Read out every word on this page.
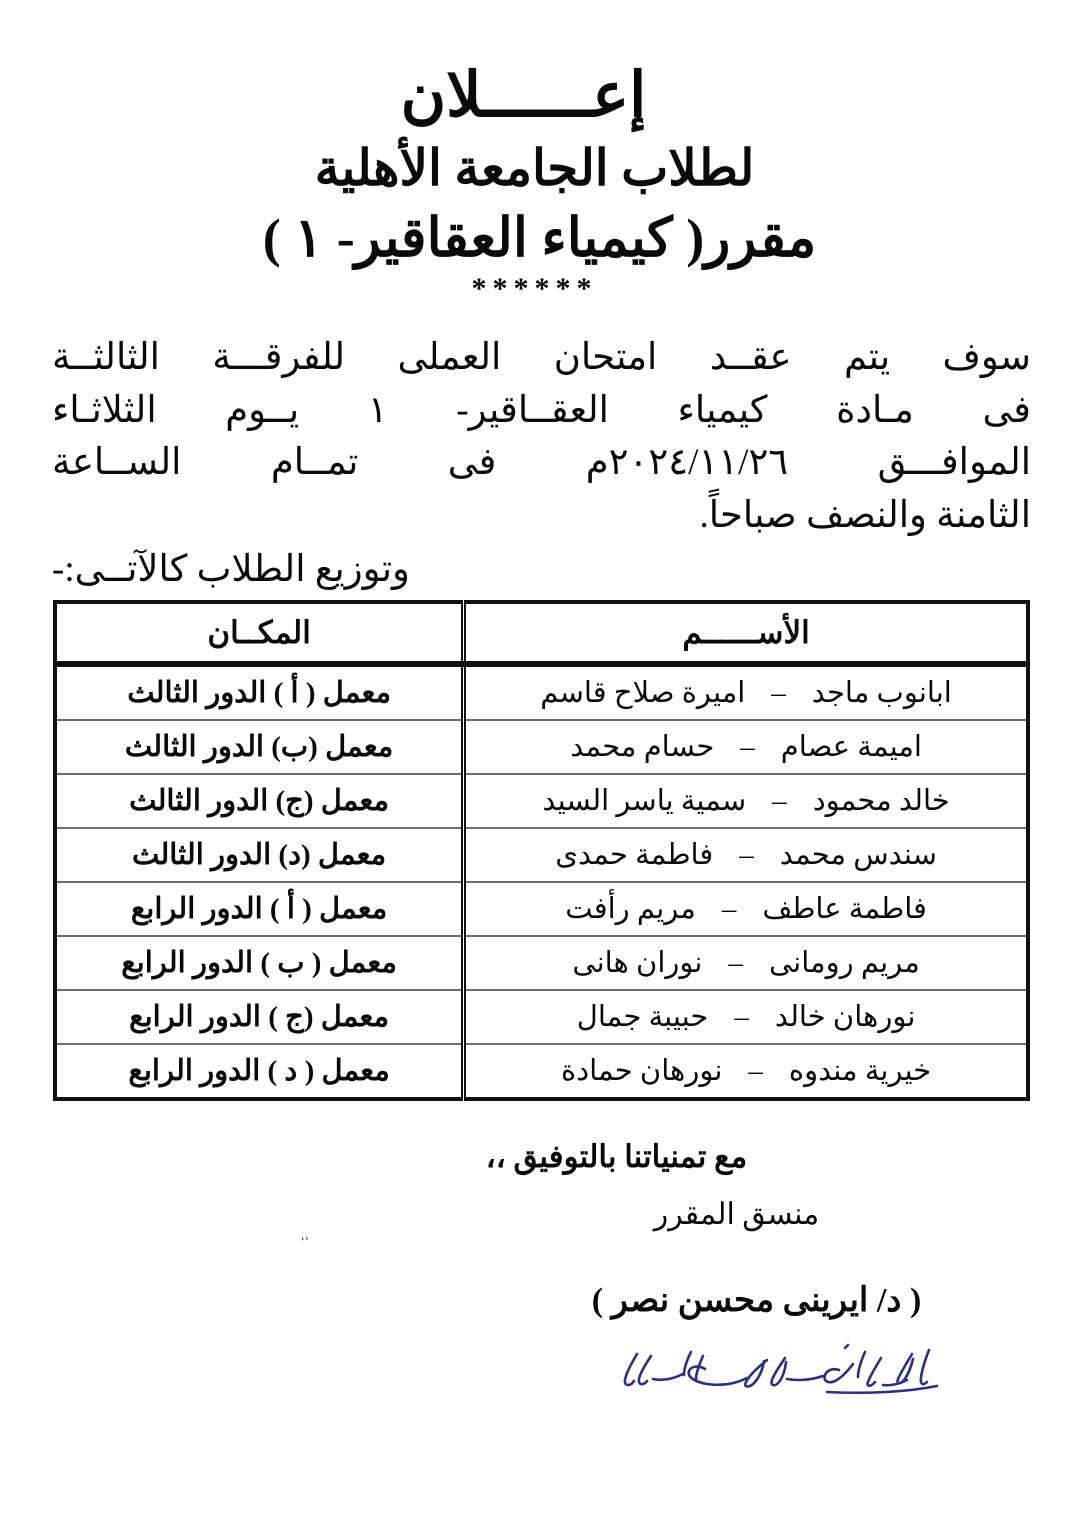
إعــــــلان
لطلاب الجامعة الأهلية
مقرر( كيمياء العقاقير- ١ )

******

سوف يتم عقــد امتحان العملى للفرقـــة الثالثــة

فى مـادة كيمياء العقــاقير- ١ يــوم الثلاثـاء

الموافـــق ٢٠٢٤/١١/٢٦م فى تمــام الســاعة

الثامنة والنصف صباحاً.

وتوزيع الطلاب كالآتــى:-
الأســــــم	المكــان
ابانوب ماجد–اميرة صلاح قاسم	معمل ( أ ) الدور الثالث
اميمة عصام–حسام محمد	معمل (ب) الدور الثالث
خالد محمود–سمية ياسر السيد	معمل (ج) الدور الثالث
سندس محمد–فاطمة حمدى	معمل (د) الدور الثالث
فاطمة عاطف–مريم رأفت	معمل ( أ ) الدور الرابع
مريم رومانى–نوران هانى	معمل ( ب ) الدور الرابع
نورهان خالد–حبيبة جمال	معمل (ج ) الدور الرابع
خيرية مندوه–نورهان حمادة	معمل ( د ) الدور الرابع

مع تمنياتنا بالتوفيق ،،

منسق المقرر

( د/ ايرينى محسن نصر )

،،
